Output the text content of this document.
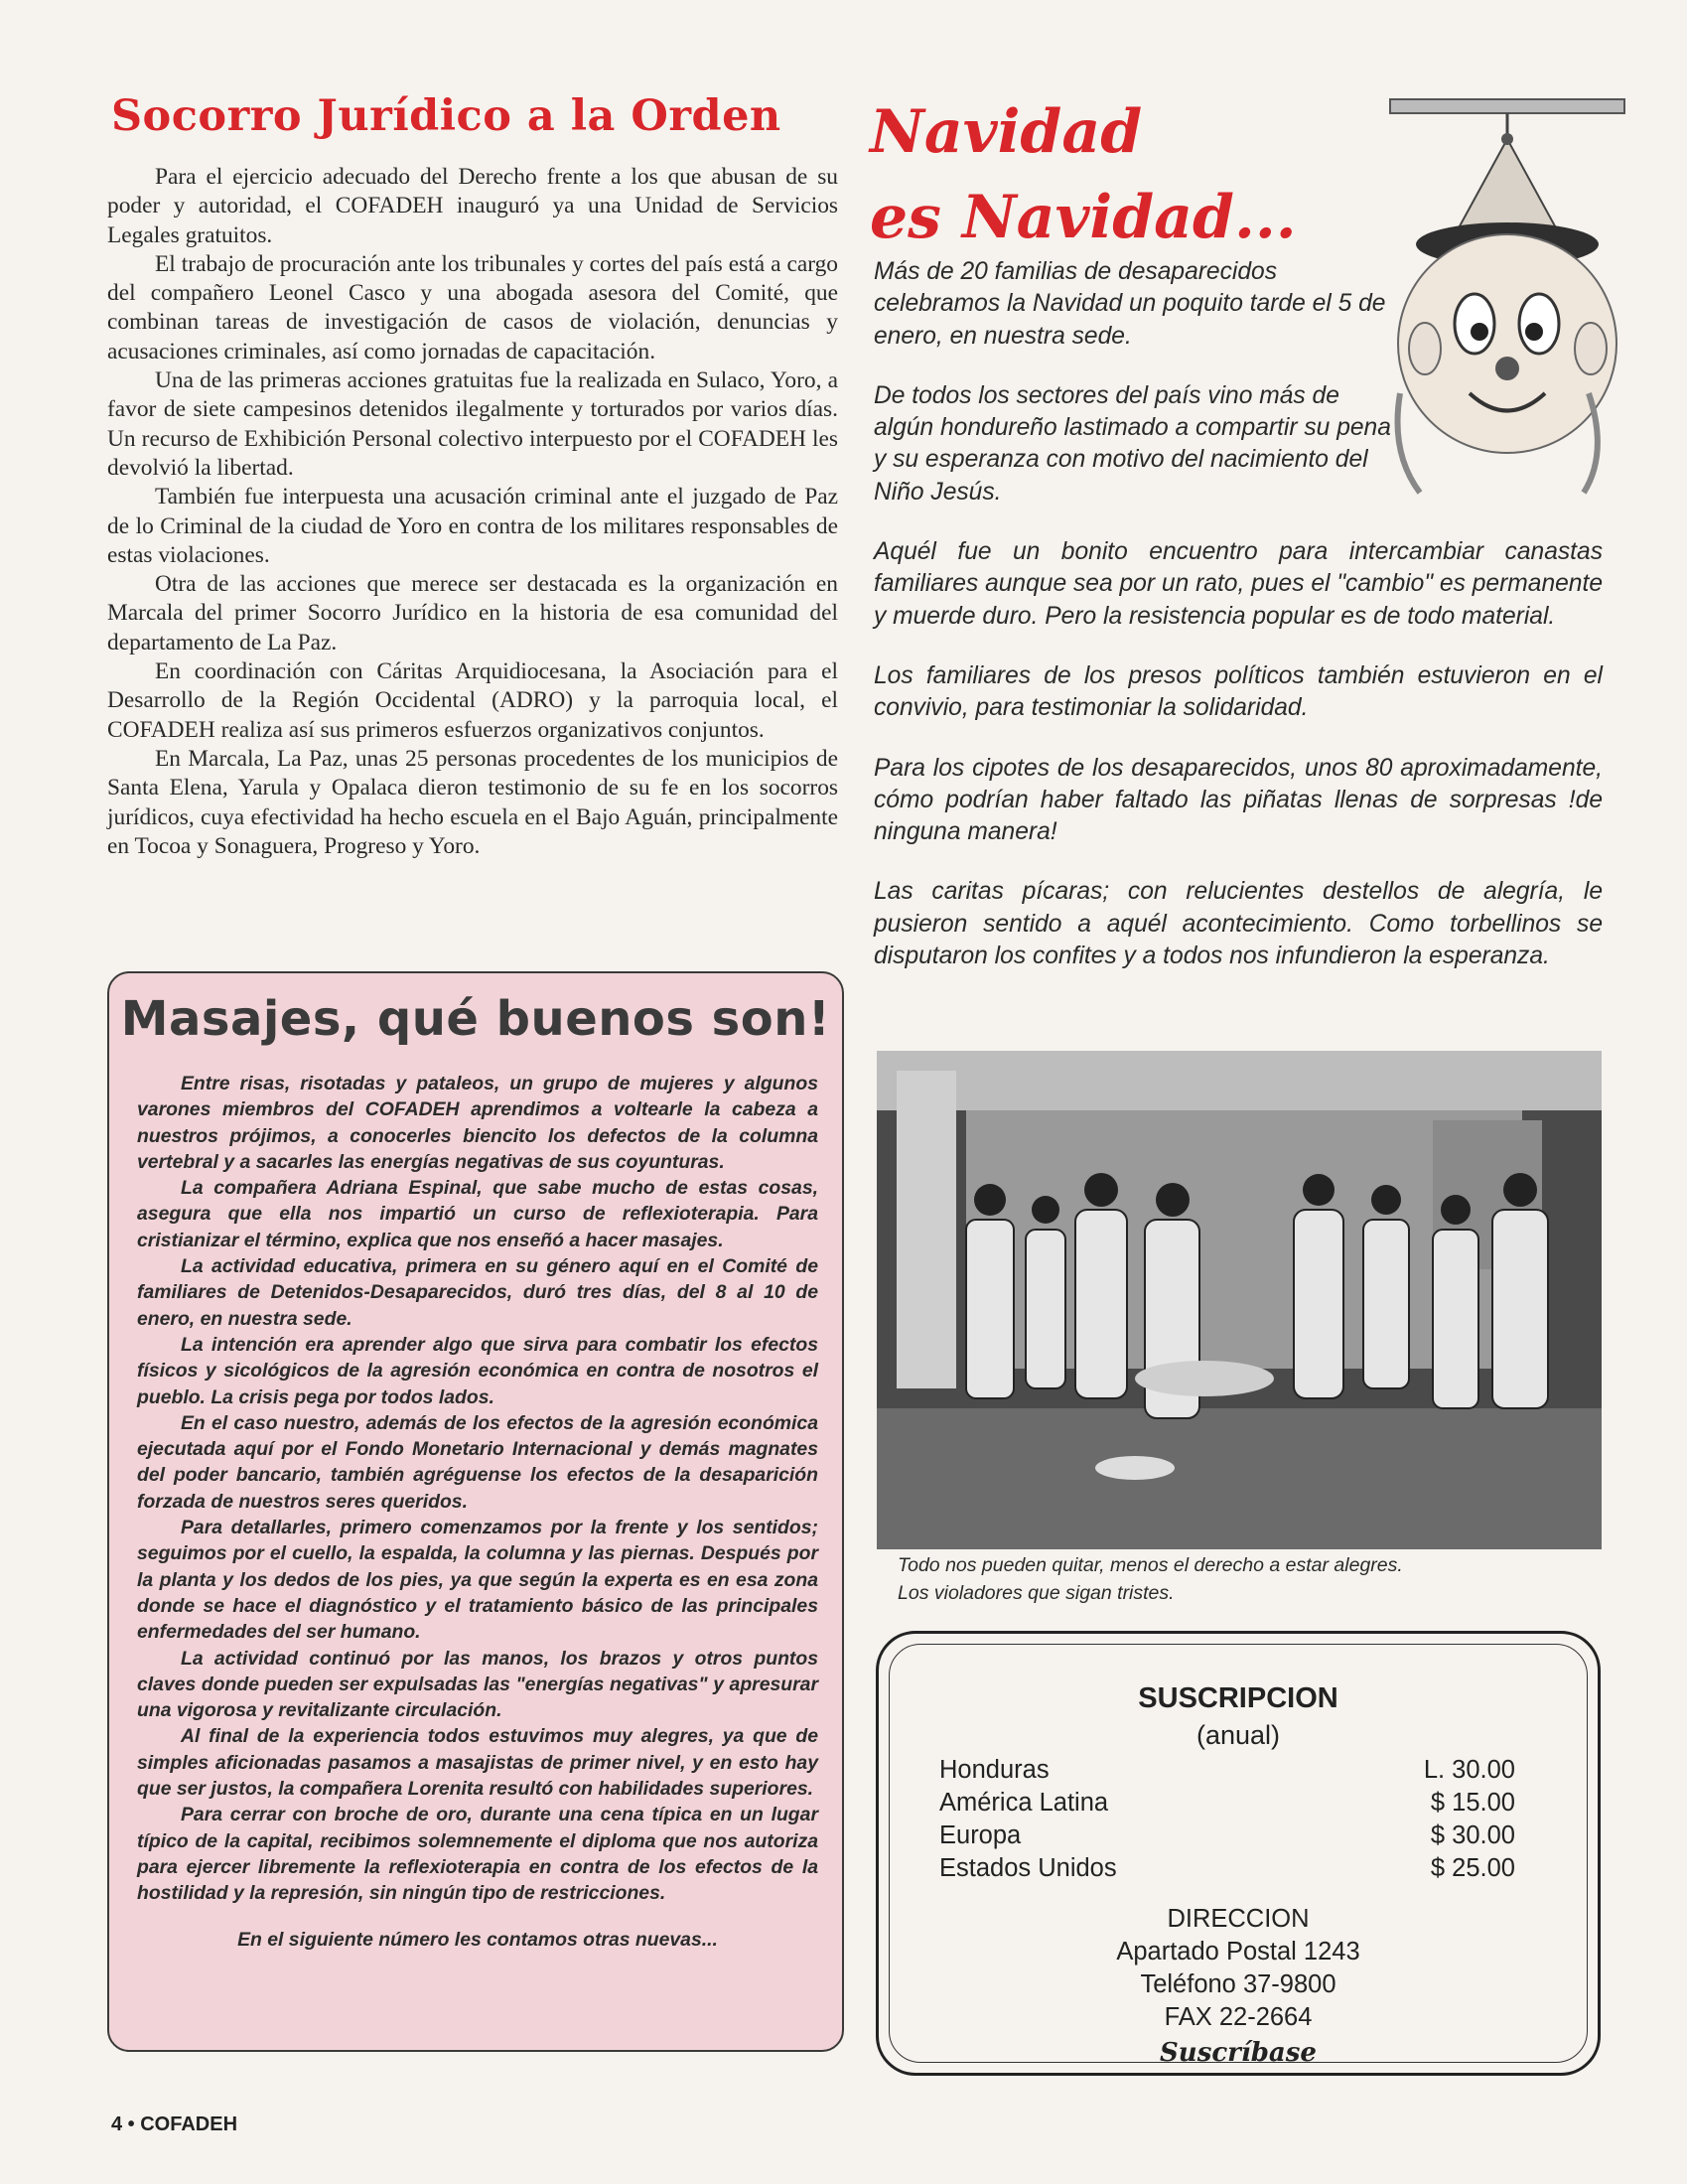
Socorro Jurídico a la Orden

Para el ejercicio adecuado del Derecho frente a los que abusan de su poder y autoridad, el COFADEH inauguró ya una Unidad de Servicios Legales gratuitos.

El trabajo de procuración ante los tribunales y cortes del país está a cargo del compañero Leonel Casco y una abogada asesora del Comité, que combinan tareas de investigación de casos de violación, denuncias y acusaciones criminales, así como jornadas de capacitación.

Una de las primeras acciones gratuitas fue la realizada en Sulaco, Yoro, a favor de siete campesinos detenidos ilegalmente y torturados por varios días. Un recurso de Exhibición Personal colectivo interpuesto por el COFADEH les devolvió la libertad.

También fue interpuesta una acusación criminal ante el juzgado de Paz de lo Criminal de la ciudad de Yoro en contra de los militares responsables de estas violaciones.

Otra de las acciones que merece ser destacada es la organización en Marcala del primer Socorro Jurídico en la historia de esa comunidad del departamento de La Paz.

En coordinación con Cáritas Arquidiocesana, la Asociación para el Desarrollo de la Región Occidental (ADRO) y la parroquia local, el COFADEH realiza así sus primeros esfuerzos organizativos conjuntos.

En Marcala, La Paz, unas 25 personas procedentes de los municipios de Santa Elena, Yarula y Opalaca dieron testimonio de su fe en los socorros jurídicos, cuya efectividad ha hecho escuela en el Bajo Aguán, principalmente en Tocoa y Sonaguera, Progreso y Yoro.

Masajes, qué buenos son!

Entre risas, risotadas y pataleos, un grupo de mujeres y algunos varones miembros del COFADEH aprendimos a voltearle la cabeza a nuestros prójimos, a conocerles biencito los defectos de la columna vertebral y a sacarles las energías negativas de sus coyunturas.

La compañera Adriana Espinal, que sabe mucho de estas cosas, asegura que ella nos impartió un curso de reflexioterapia. Para cristianizar el término, explica que nos enseñó a hacer masajes.

La actividad educativa, primera en su género aquí en el Comité de familiares de Detenidos-Desaparecidos, duró tres días, del 8 al 10 de enero, en nuestra sede.

La intención era aprender algo que sirva para combatir los efectos físicos y sicológicos de la agresión económica en contra de nosotros el pueblo. La crisis pega por todos lados.

En el caso nuestro, además de los efectos de la agresión económica ejecutada aquí por el Fondo Monetario Internacional y demás magnates del poder bancario, también agréguense los efectos de la desaparición forzada de nuestros seres queridos.

Para detallarles, primero comenzamos por la frente y los sentidos; seguimos por el cuello, la espalda, la columna y las piernas. Después por la planta y los dedos de los pies, ya que según la experta es en esa zona donde se hace el diagnóstico y el tratamiento básico de las principales enfermedades del ser humano.

La actividad continuó por las manos, los brazos y otros puntos claves donde pueden ser expulsadas las "energías negativas" y apresurar una vigorosa y revitalizante circulación.

Al final de la experiencia todos estuvimos muy alegres, ya que de simples aficionadas pasamos a masajistas de primer nivel, y en esto hay que ser justos, la compañera Lorenita resultó con habilidades superiores.

Para cerrar con broche de oro, durante una cena típica en un lugar típico de la capital, recibimos solemnemente el diploma que nos autoriza para ejercer libremente la reflexioterapia en contra de los efectos de la hostilidad y la represión, sin ningún tipo de restricciones.

En el siguiente número les contamos otras nuevas...

Navidad
es Navidad...

Más de 20 familias de desaparecidos celebramos la Navidad un poquito tarde el 5 de enero, en nuestra sede.

De todos los sectores del país vino más de algún hondureño lastimado a compartir su pena y su esperanza con motivo del nacimiento del Niño Jesús.

Aquél fue un bonito encuentro para intercambiar canastas familiares aunque sea por un rato, pues el "cambio" es permanente y muerde duro. Pero la resistencia popular es de todo material.

Los familiares de los presos políticos también estuvieron en el convivio, para testimoniar la solidaridad.

Para los cipotes de los desaparecidos, unos 80 aproximadamente, cómo podrían haber faltado las piñatas llenas de sorpresas !de ninguna manera!

Las caritas pícaras; con relucientes destellos de alegría, le pusieron sentido a aquél acontecimiento. Como torbellinos se disputaron los confites y a todos nos infundieron la esperanza.

Todo nos pueden quitar, menos el derecho a estar alegres.
Los violadores que sigan tristes.
SUSCRIPCION
(anual)
Honduras	L. 30.00
América Latina	$ 15.00
Europa	$ 30.00
Estados Unidos	$ 25.00
DIRECCION
Apartado Postal 1243
Teléfono 37-9800
FAX 22-2664
Suscríbase
4 • COFADEH
